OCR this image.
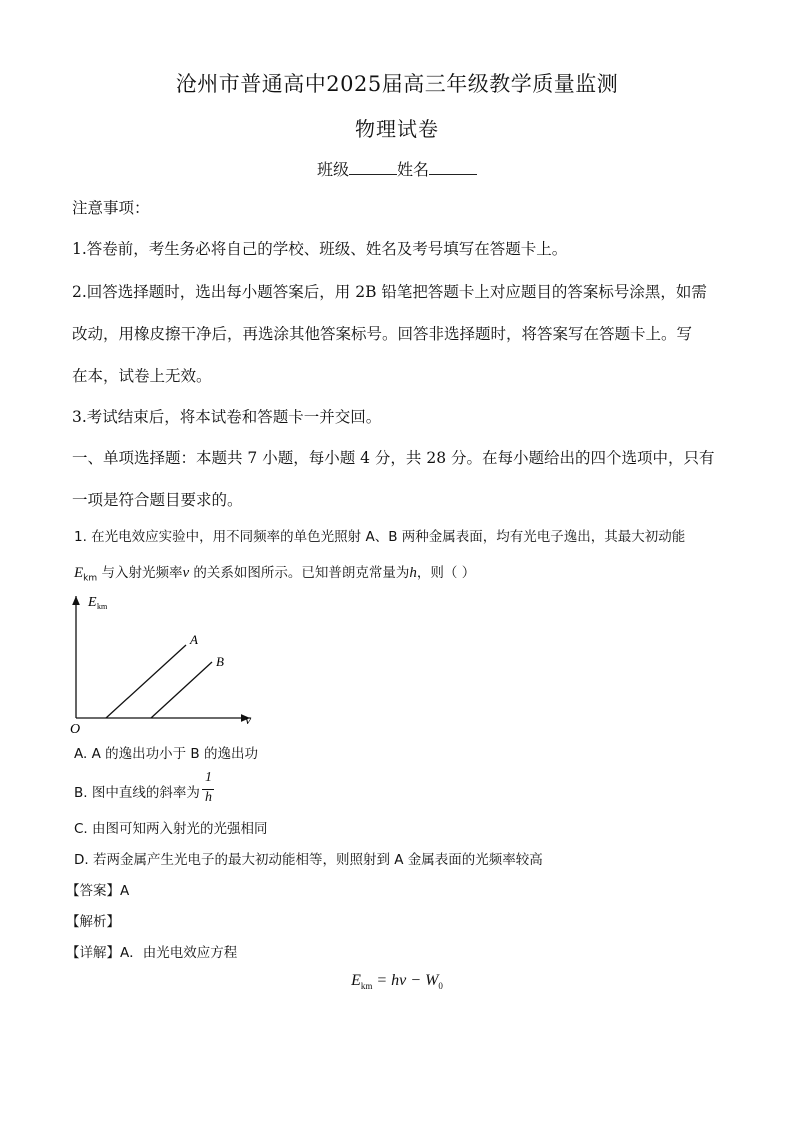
沧州市普通高中2025届高三年级教学质量监测
物理试卷
班级	姓名
注意事项：
1.答卷前，考生务必将自己的学校、班级、姓名及考号填写在答题卡上。
2.回答选择题时，选出每小题答案后，用 2B 铅笔把答题卡上对应题目的答案标号涂黑，如需
改动，用橡皮擦干净后，再选涂其他答案标号。回答非选择题时，将答案写在答题卡上。写
在本，试卷上无效。
3.考试结束后，将本试卷和答题卡一并交回。
一、单项选择题：本题共 7 小题，每小题 4 分，共 28 分。在每小题给出的四个选项中，只有
一项是符合题目要求的。
1. 在光电效应实验中，用不同频率的单色光照射 A、B 两种金属表面，均有光电子逸出，其最大初动能
$E_{km}$ 与入射光频率ν 的关系如图所示。已知普朗克常量为h，则（ ）
E km
ν
O
A
B
A. A 的逸出功小于 B 的逸出功
B. 图中直线的斜率为
1
h
C. 由图可知两入射光的光强相同
D. 若两金属产生光电子的最大初动能相等，则照射到 A 金属表面的光频率较高
【答案】A
【解析】
【详解】A．由光电效应方程
$E_{km} = h\nu - W_0$
